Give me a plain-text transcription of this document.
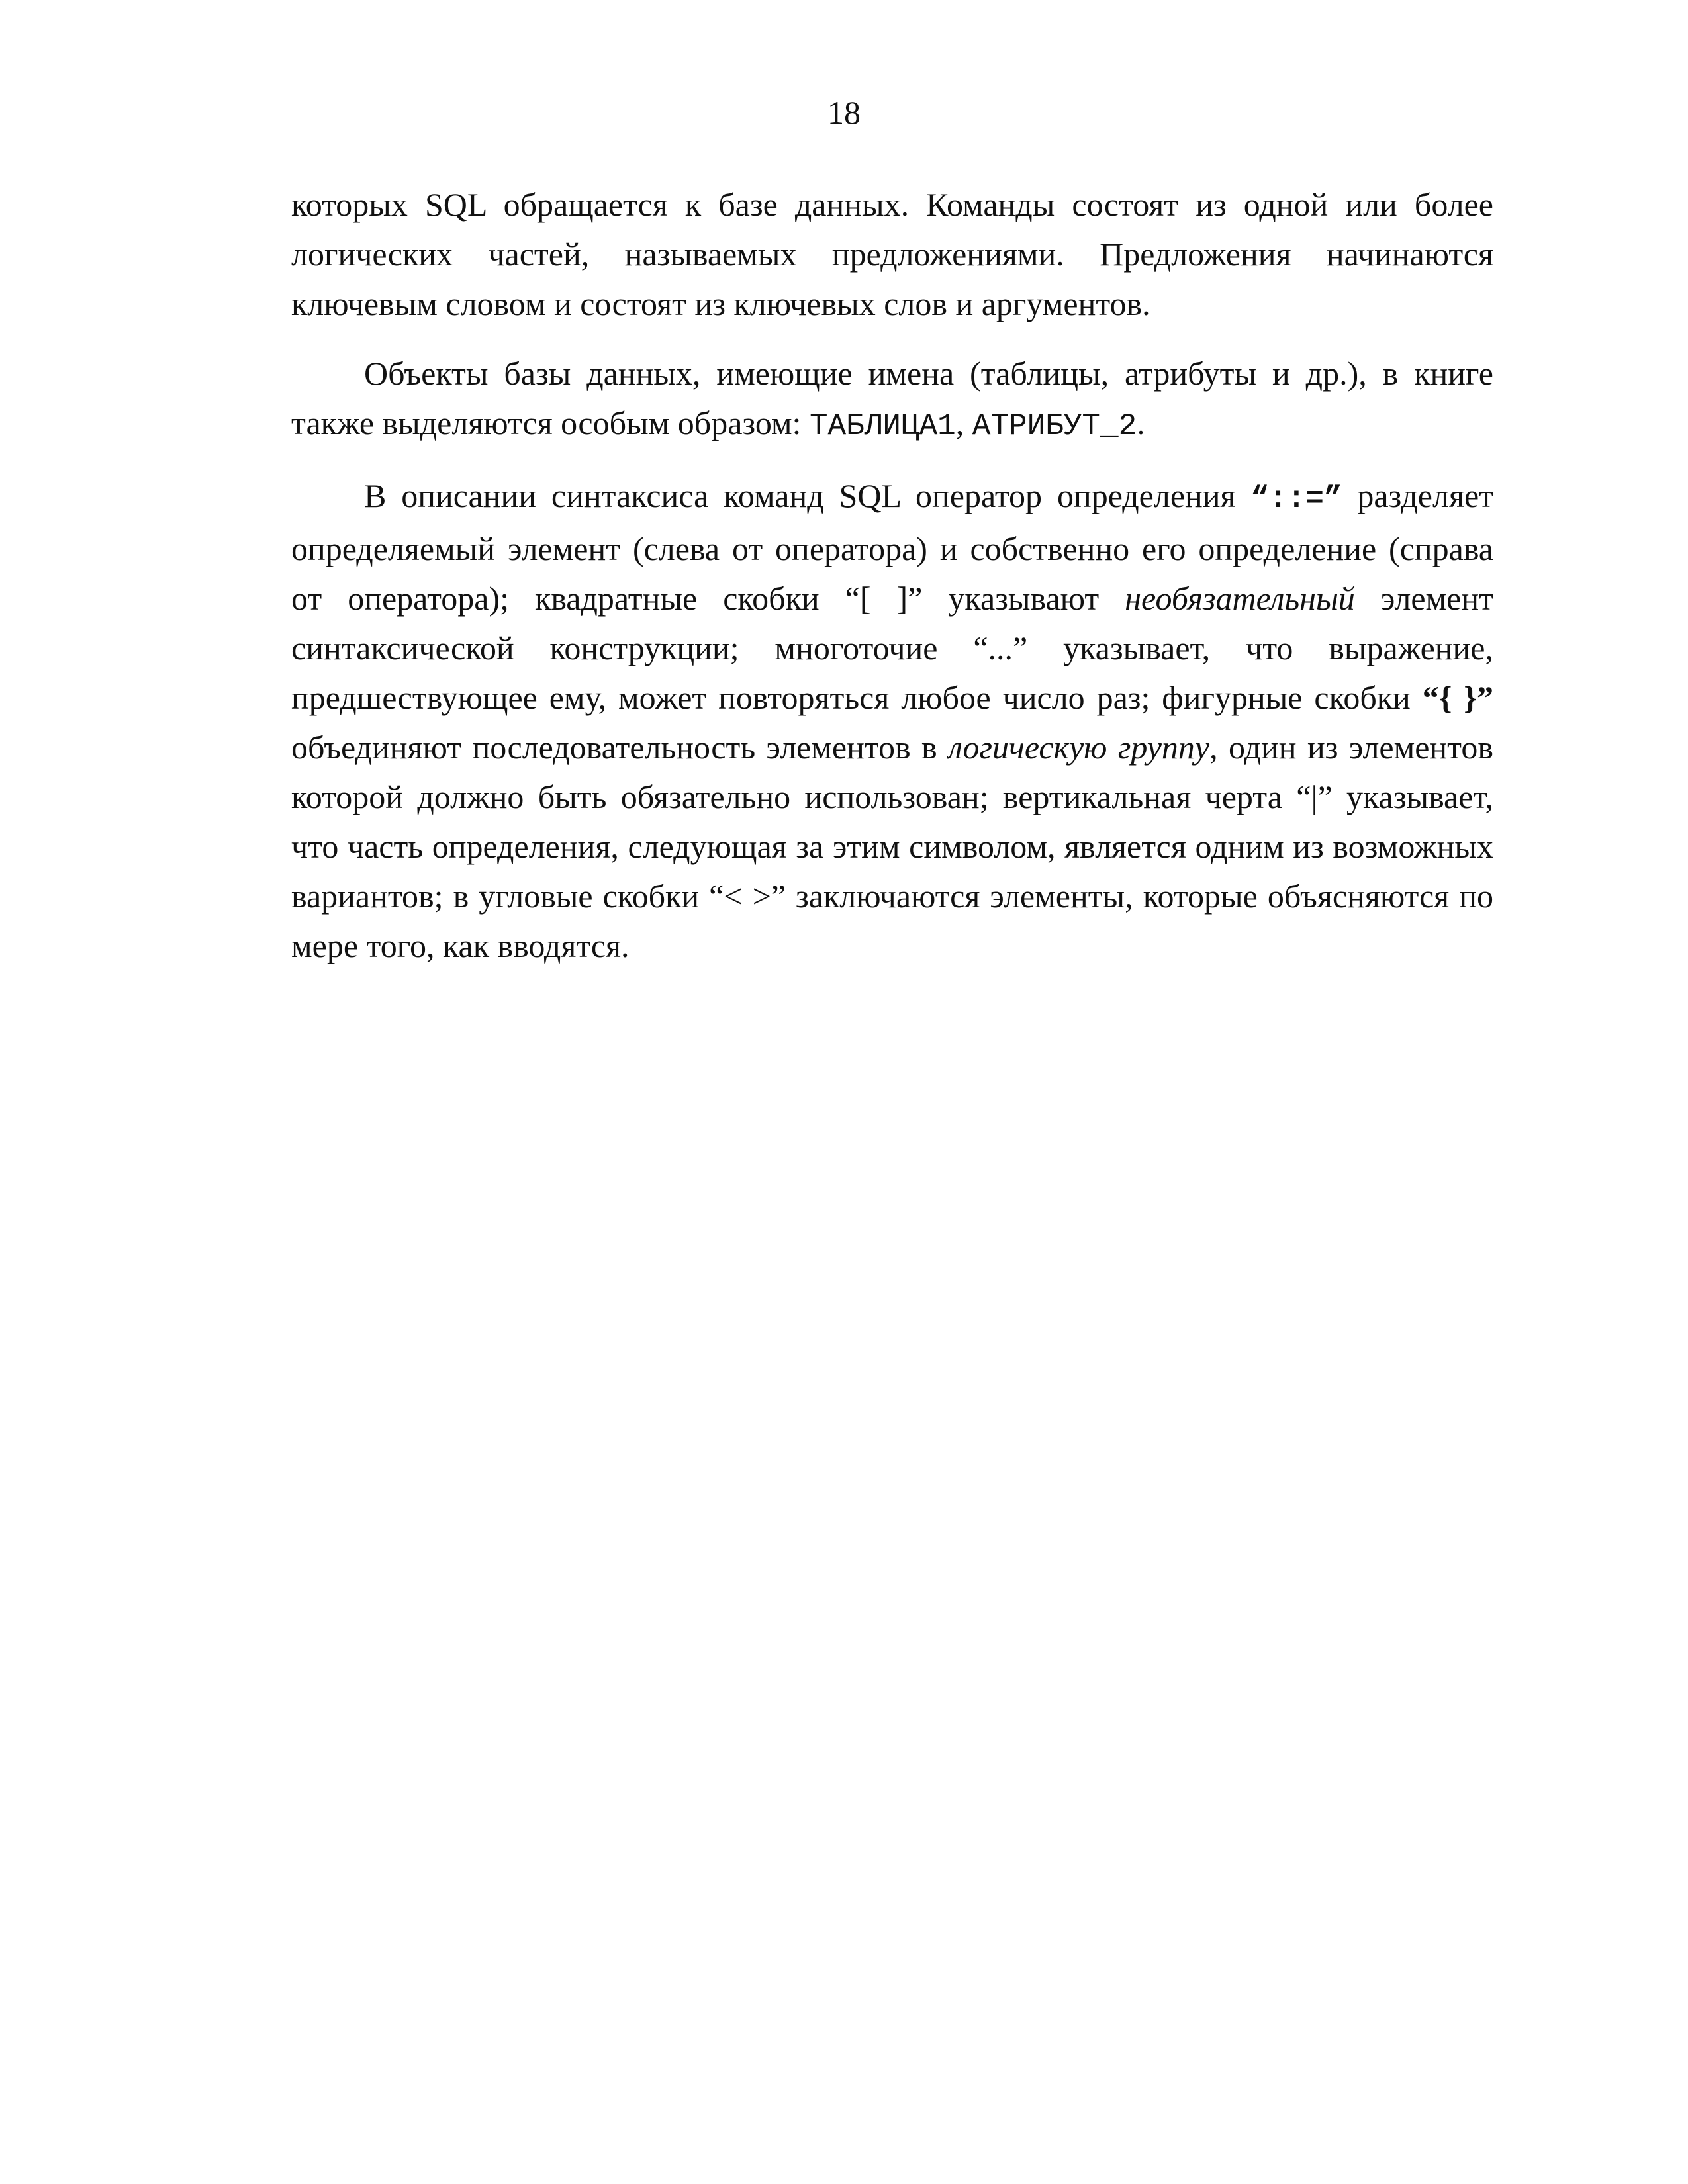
18

которых SQL обращается к базе данных. Команды состоят из одной или более логических частей, называемых предложениями. Предложения начинаются ключевым словом и состоят из ключевых слов и аргументов.

Объекты базы данных, имеющие имена (таблицы, атрибуты и др.), в книге также выделяются особым образом: ТАБЛИЦА1, АТРИБУТ_2.

В описании синтаксиса команд SQL оператор определения “::=” разделяет определяемый элемент (слева от оператора) и собственно его определение (справа от оператора); квадратные скобки “[ ]” указывают необязательный элемент синтаксической конструкции; многоточие “...” указывает, что выражение, предшествующее ему, может повторяться любое число раз; фигурные скобки “{ }” объединяют последовательность элементов в логическую группу, один из элементов которой должно быть обязательно использован; вертикальная черта “|” указывает, что часть определения, следующая за этим символом, является одним из возможных вариантов; в угловые скобки “< >” заключаются элементы, которые объясняются по мере того, как вводятся.
